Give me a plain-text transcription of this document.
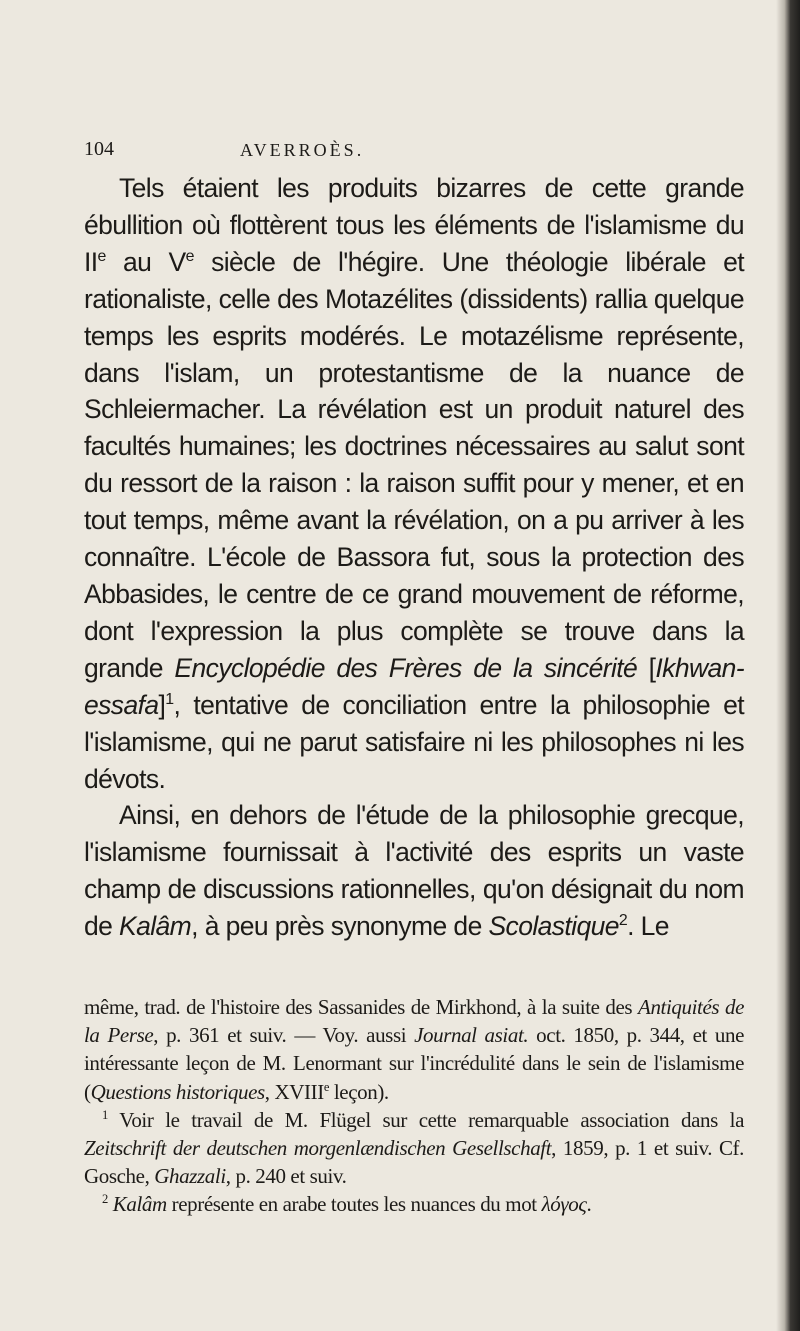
104	AVERROÈS.

Tels étaient les produits bizarres de cette grande ébullition où flottèrent tous les éléments de l'islamisme du IIe au Ve siècle de l'hégire. Une théologie libérale et rationaliste, celle des Motazélites (dissidents) rallia quelque temps les esprits modérés. Le motazélisme représente, dans l'islam, un protestantisme de la nuance de Schleiermacher. La révélation est un produit naturel des facultés humaines; les doctrines nécessaires au salut sont du ressort de la raison : la raison suffit pour y mener, et en tout temps, même avant la révélation, on a pu arriver à les connaître. L'école de Bassora fut, sous la protection des Abbasides, le centre de ce grand mouvement de réforme, dont l'expression la plus complète se trouve dans la grande Encyclopédie des Frères de la sincérité [Ikhwan-essafa]$^1$, tentative de conciliation entre la philosophie et l'islamisme, qui ne parut satisfaire ni les philosophes ni les dévots.

Ainsi, en dehors de l'étude de la philosophie grecque, l'islamisme fournissait à l'activité des esprits un vaste champ de discussions rationnelles, qu'on désignait du nom de Kalâm, à peu près synonyme de Scolastique$^2$. Le

même, trad. de l'histoire des Sassanides de Mirkhond, à la suite des Antiquités de la Perse, p. 361 et suiv. — Voy. aussi Journal asiat. oct. 1850, p. 344, et une intéressante leçon de M. Lenormant sur l'incrédulité dans le sein de l'islamisme (Questions historiques, XVIIIe leçon).

$^1$ Voir le travail de M. Flügel sur cette remarquable association dans la Zeitschrift der deutschen morgenlændischen Gesellschaft, 1859, p. 1 et suiv. Cf. Gosche, Ghazzali, p. 240 et suiv.

$^2$ Kalâm représente en arabe toutes les nuances du mot λόγος.
